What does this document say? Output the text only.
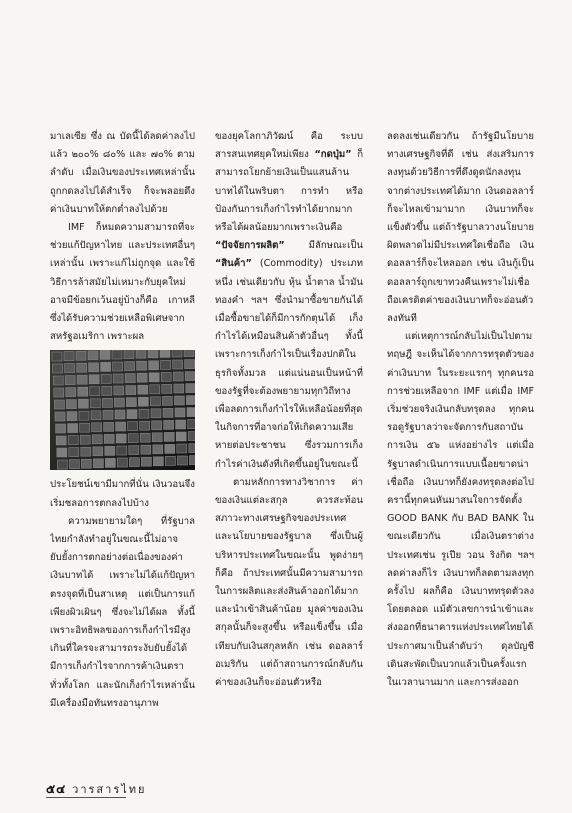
มาเลเซีย ซึ่ง ณ บัดนี้ได้ลดค่าลงไปแล้ว ๒๐๐% ๘๐% และ ๗๐% ตามลำดับ เมื่อเงินของประเทศเหล่านั้นถูกกดลงไปได้สำเร็จ ก็จะพลอยดึงค่าเงินบาทให้ตกต่ำลงไปด้วย

IMF ก็หมดความสามารถที่จะช่วยแก้ปัญหาไทย และประเทศอื่นๆ เหล่านั้น เพราะแก้ไม่ถูกจุด และใช้วิธีการล้าสมัยไม่เหมาะกับยุคใหม่ อาจมีข้อยกเว้นอยู่บ้างก็คือ เกาหลี ซึ่งได้รับความช่วยเหลือพิเศษจากสหรัฐอเมริกา เพราะผล

ประโยชน์เขามีมากที่นั่น เงินวอนจึงเริ่มชลอการตกลงไปบ้าง

ความพยายามใดๆ ที่รัฐบาลไทยกำลังทำอยู่ในขณะนี้ไม่อาจยับยั้งการตกอย่างต่อเนื่องของค่าเงินบาทได้ เพราะไม่ได้แก้ปัญหาตรงจุดที่เป็นสาเหตุ แต่เป็นการแก้เพียงผิวเผินๆ ซึ่งจะไม่ได้ผล ทั้งนี้เพราะอิทธิพลของการเก็งกำไรมีสูงเกินที่ใครจะสามารถระงับยับยั้งได้ มีการเก็งกำไรจากการค้าเงินตราทั่วทั้งโลก และนักเก็งกำไรเหล่านั้นมีเครื่องมือทันทรงอานุภาพ

ของยุคโลกาภิวัฒน์ คือ ระบบสารสนเทศยุคใหม่เพียง “กดปุ่ม” ก็สามารถโยกย้ายเงินเป็นแสนล้านบาทได้ในพริบตา การทำ หรือป้องกันการเก็งกำไรทำได้ยากมาก หรือได้ผลน้อยมากเพราะเงินคือ “ปัจจัยการผลิต” มีลักษณะเป็น “สินค้า” (Commodity) ประเภทหนึ่ง เช่นเดียวกับ หุ้น น้ำตาล น้ำมัน ทองคำ ฯลฯ ซึ่งนำมาซื้อขายกันได้ เมื่อซื้อขายได้ก็มีการกักตุนได้ เก็งกำไรได้เหมือนสินค้าตัวอื่นๆ ทั้งนี้เพราะการเก็งกำไรเป็นเรื่องปกติในธุรกิจทั้งมวล แต่แน่นอนเป็นหน้าที่ของรัฐที่จะต้องพยายามทุกวิถีทาง เพื่อลดการเก็งกำไรให้เหลือน้อยที่สุดในกิจการที่อาจก่อให้เกิดความเสียหายต่อประชาชน ซึ่งรวมการเก็งกำไรค่าเงินดังที่เกิดขึ้นอยู่ในขณะนี้

ตามหลักการทางวิชาการ ค่าของเงินแต่ละสกุล ควรสะท้อนสภาวะทางเศรษฐกิจของประเทศและนโยบายของรัฐบาล ซึ่งเป็นผู้บริหารประเทศในขณะนั้น พูดง่ายๆ ก็คือ ถ้าประเทศนั้นมีความสามารถในการผลิตและส่งสินค้าออกได้มาก และนำเข้าสินค้าน้อย มูลค่าของเงินสกุลนั้นก็จะสูงขึ้น หรือแข็งขึ้น เมื่อเทียบกับเงินสกุลหลัก เช่น ดอลลาร์อเมริกัน แต่ถ้าสถานการณ์กลับกันค่าของเงินก็จะอ่อนตัวหรือ

ลดลงเช่นเดียวกัน ถ้ารัฐมีนโยบายทางเศรษฐกิจที่ดี เช่น ส่งเสริมการลงทุนด้วยวิธีการที่ดึงดูดนักลงทุนจากต่างประเทศได้มาก เงินดอลลาร์ก็จะไหลเข้ามามาก เงินบาทก็จะแข็งตัวขึ้น แต่ถ้ารัฐบาลวางนโยบายผิดพลาดไม่มีประเทศใดเชื่อถือ เงินดอลลาร์ก็จะไหลออก เช่น เงินกู้เป็นดอลลาร์ถูกเขาทวงคืนเพราะไม่เชื่อถือเครดิตค่าของเงินบาทก็จะอ่อนตัวลงทันที

แต่เหตุการณ์กลับไม่เป็นไปตามทฤษฎี จะเห็นได้จากการทรุดตัวของค่าเงินบาท ในระยะแรกๆ ทุกคนรอการช่วยเหลือจาก IMF แต่เมื่อ IMF เริ่มช่วยจริงเงินกลับทรุดลง ทุกคนรอดูรัฐบาลว่าจะจัดการกับสถาบันการเงิน ๕๖ แห่งอย่างไร แต่เมื่อรัฐบาลดำเนินการแบบเนื้อยขาดน่าเชื่อถือ เงินบาทก็ยังคงทรุดลงต่อไป ครานี้ทุกคนหันมาสนใจการจัดตั้ง GOOD BANK กับ BAD BANK ในขณะเดียวกัน เมื่อเงินตราต่างประเทศเช่น รูเปีย วอน ริงกิต ฯลฯ ลดค่าลงก็ไร เงินบาทก็ลดตามลงทุกครั้งไป ผลก็คือ เงินบาททรุดตัวลงโดยตลอด แม้ตัวเลขการนำเข้าและส่งออกที่ธนาคารแห่งประเทศไทยได้ประกาศมาเป็นลำดับว่า ดุลบัญชีเดินสะพัดเป็นบวกแล้วเป็นครั้งแรกในเวลานานมาก และการส่งออก

๕๔ วารสารไทย
